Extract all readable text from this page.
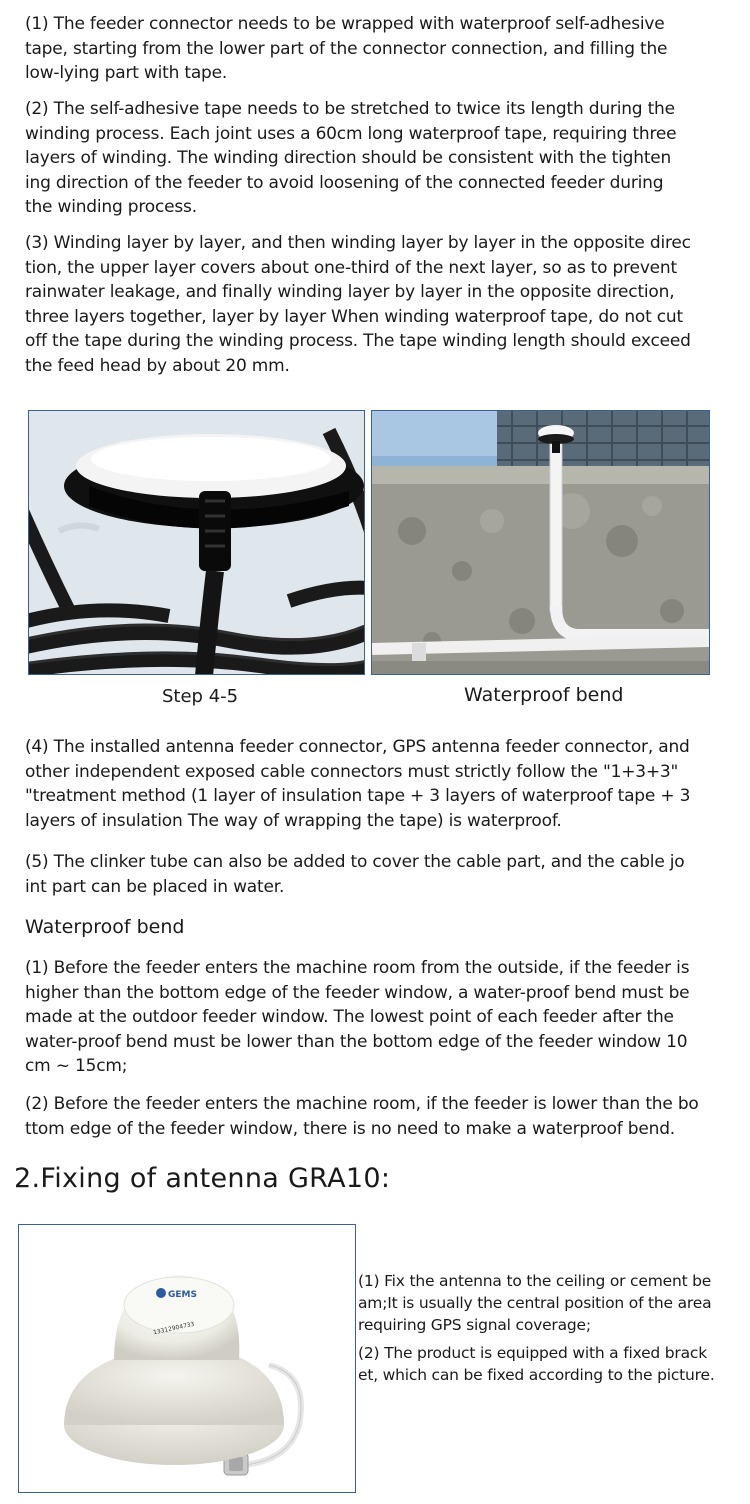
(1) The feeder connector needs to be wrapped with waterproof self-adhesive
tape, starting from the lower part of the connector connection, and filling the
low-lying part with tape.
(2) The self-adhesive tape needs to be stretched to twice its length during the
winding process. Each joint uses a 60cm long waterproof tape, requiring three
layers of winding. The winding direction should be consistent with the tighten
ing direction of the feeder to avoid loosening of the connected feeder during
the winding process.
(3) Winding layer by layer, and then winding layer by layer in the opposite direc
tion, the upper layer covers about one-third of the next layer, so as to prevent
rainwater leakage, and finally winding layer by layer in the opposite direction,
three layers together, layer by layer When winding waterproof tape, do not cut
off the tape during the winding process. The tape winding length should exceed
the feed head by about 20 mm.
Step 4-5	Waterproof bend
(4) The installed antenna feeder connector, GPS antenna feeder connector, and
other independent exposed cable connectors must strictly follow the "1+3+3"
"treatment method (1 layer of insulation tape + 3 layers of waterproof tape + 3
layers of insulation The way of wrapping the tape) is waterproof.
(5) The clinker tube can also be added to cover the cable part, and the cable jo
int part can be placed in water.
Waterproof bend
(1) Before the feeder enters the machine room from the outside, if the feeder is
higher than the bottom edge of the feeder window, a water-proof bend must be
made at the outdoor feeder window. The lowest point of each feeder after the
water-proof bend must be lower than the bottom edge of the feeder window 10
cm ~ 15cm;
(2) Before the feeder enters the machine room, if the feeder is lower than the bo
ttom edge of the feeder window, there is no need to make a waterproof bend.
2.Fixing of antenna GRA10:
GEMS
13312904733
(1) Fix the antenna to the ceiling or cement be
am;It is usually the central position of the area
requiring GPS signal coverage;
(2) The product is equipped with a fixed brack
et, which can be fixed according to the picture.
